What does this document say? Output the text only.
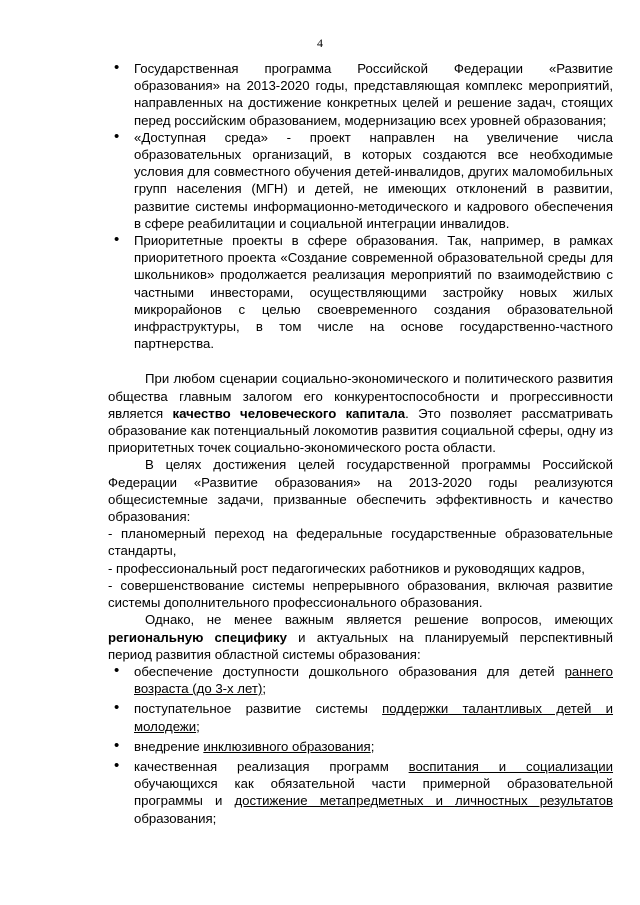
4
• Государственная программа Российской Федерации «Развитие образования» на 2013-2020 годы, представляющая комплекс мероприятий, направленных на достижение конкретных целей и решение задач, стоящих перед российским образованием, модернизацию всех уровней образования;
• «Доступная среда» - проект направлен на увеличение числа образовательных организаций, в которых создаются все необходимые условия для совместного обучения детей-инвалидов, других маломобильных групп населения (МГН) и детей, не имеющих отклонений в развитии, развитие системы информационно-методического и кадрового обеспечения в сфере реабилитации и социальной интеграции инвалидов.
• Приоритетные проекты в сфере образования. Так, например, в рамках приоритетного проекта «Создание современной образовательной среды для школьников» продолжается реализация мероприятий по взаимодействию с частными инвесторами, осуществляющими застройку новых жилых микрорайонов с целью своевременного создания образовательной инфраструктуры, в том числе на основе государственно-частного партнерства.

При любом сценарии социально-экономического и политического развития общества главным залогом его конкурентоспособности и прогрессивности является качество человеческого капитала. Это позволяет рассматривать образование как потенциальный локомотив развития социальной сферы, одну из приоритетных точек социально-экономического роста области.

В целях достижения целей государственной программы Российской Федерации «Развитие образования» на 2013-2020 годы реализуются общесистемные задачи, призванные обеспечить эффективность и качество образования:

- планомерный переход на федеральные государственные образовательные стандарты,

- профессиональный рост педагогических работников и руководящих кадров,

- совершенствование системы непрерывного образования, включая развитие системы дополнительного профессионального образования.

Однако, не менее важным является решение вопросов, имеющих региональную специфику и актуальных на планируемый перспективный период развития областной системы образования:

• обеспечение доступности дошкольного образования для детей раннего возраста (до 3-х лет);
• поступательное развитие системы поддержки талантливых детей и молодежи;
• внедрение инклюзивного образования;
• качественная реализация программ воспитания и социализации обучающихся как обязательной части примерной образовательной программы и достижение метапредметных и личностных результатов образования;
